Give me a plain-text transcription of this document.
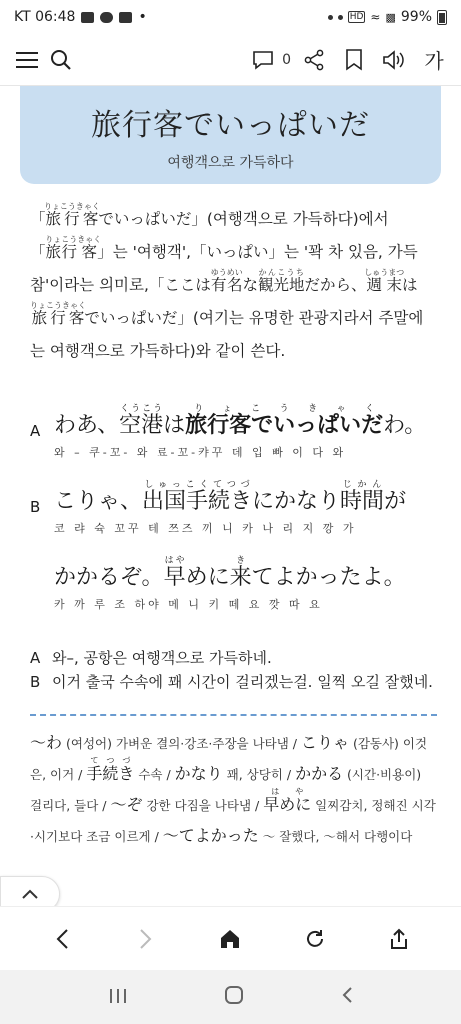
KT 06:48	•	HD ≈ ▩ 99%
0	가
旅行客でいっぱいだ
여행객으로 가득하다
「旅行客りょこうきゃくでいっぱいだ」(여행객으로 가득하다)에서「旅行りょこう客きゃく」는 '여행객',「いっぱい」는 '꽉 차 있음, 가득참'이라는 의미로,「ここは有名ゆうめいな観光地かんこうちだから、週末しゅうまつは旅行客りょこうきゃくでいっぱいだ」(여기는 유명한 관광지라서 주말에는 여행객으로 가득하다)와 같이 쓴다.
A わあ、空港くうこうは旅行客でいっぱいだりょこうきゃくわ。
와 – 쿠-꼬- 와 료-꼬-캬꾸 데 입 빠 이 다 와
B こりゃ、出国手続きしゅっこくてつづにかなり時間じかんが
코 랴 슉 꼬꾸 테 쯔즈 끼 니 카 나 리 지 깡 가
かかるぞ。早はやめに来きてよかったよ。
카 까 루 조 하야 메 니 키 떼 요 깟 따 요
A 와–, 공항은 여행객으로 가득하네.
B 이거 출국 수속에 꽤 시간이 걸리겠는걸. 일찍 오길 잘했네.
～わ (여성어) 가벼운 결의·강조·주장을 나타냄 / こりゃ (감동사) 이것은, 이거 / 手続きてつづ 수속 / かなり 꽤, 상당히 / かかる (시간·비용이) 걸리다, 들다 / ～ぞ 강한 다짐을 나타냄 / 早めにはや 일찌감치, 정해진 시각·시기보다 조금 이르게 / ～てよかった ～ 잘했다, ～해서 다행이다
